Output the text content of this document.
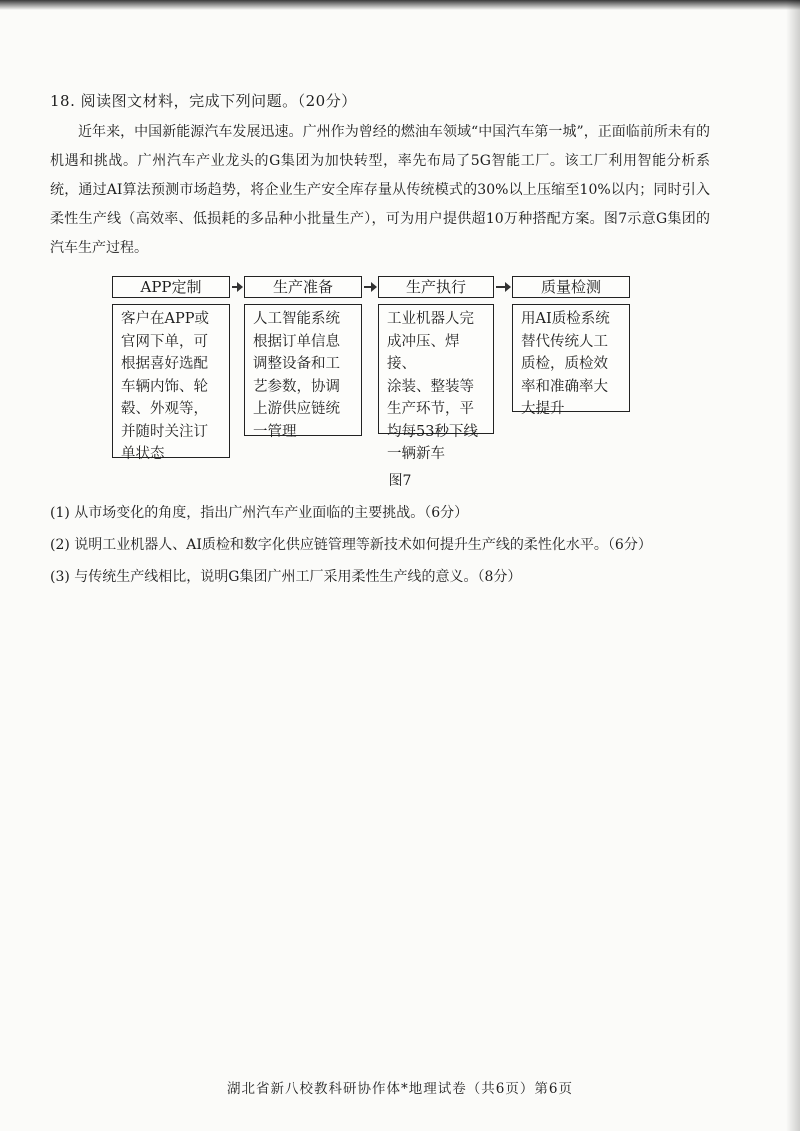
18. 阅读图文材料，完成下列问题。（20分）

近年来，中国新能源汽车发展迅速。广州作为曾经的燃油车领域“中国汽车第一城”，正面临前所未有的机遇和挑战。广州汽车产业龙头的G集团为加快转型，率先布局了5G智能工厂。该工厂利用智能分析系统，通过AI算法预测市场趋势，将企业生产安全库存量从传统模式的30%以上压缩至10%以内；同时引入柔性生产线（高效率、低损耗的多品种小批量生产），可为用户提供超10万种搭配方案。图7示意G集团的汽车生产过程。

APP定制
客户在APP或
官网下单，可
根据喜好选配
车辆内饰、轮
毂、外观等，
并随时关注订
单状态
生产准备
人工智能系统
根据订单信息
调整设备和工
艺参数，协调
上游供应链统
一管理
生产执行
工业机器人完
成冲压、焊接、
涂装、整装等
生产环节，平
均每53秒下线
一辆新车
质量检测
用AI质检系统
替代传统人工
质检，质检效
率和准确率大
大提升
图7
(1) 从市场变化的角度，指出广州汽车产业面临的主要挑战。（6分）
(2) 说明工业机器人、AI质检和数字化供应链管理等新技术如何提升生产线的柔性化水平。（6分）
(3) 与传统生产线相比，说明G集团广州工厂采用柔性生产线的意义。（8分）
湖北省新八校教科研协作体*地理试卷（共6页）第6页
